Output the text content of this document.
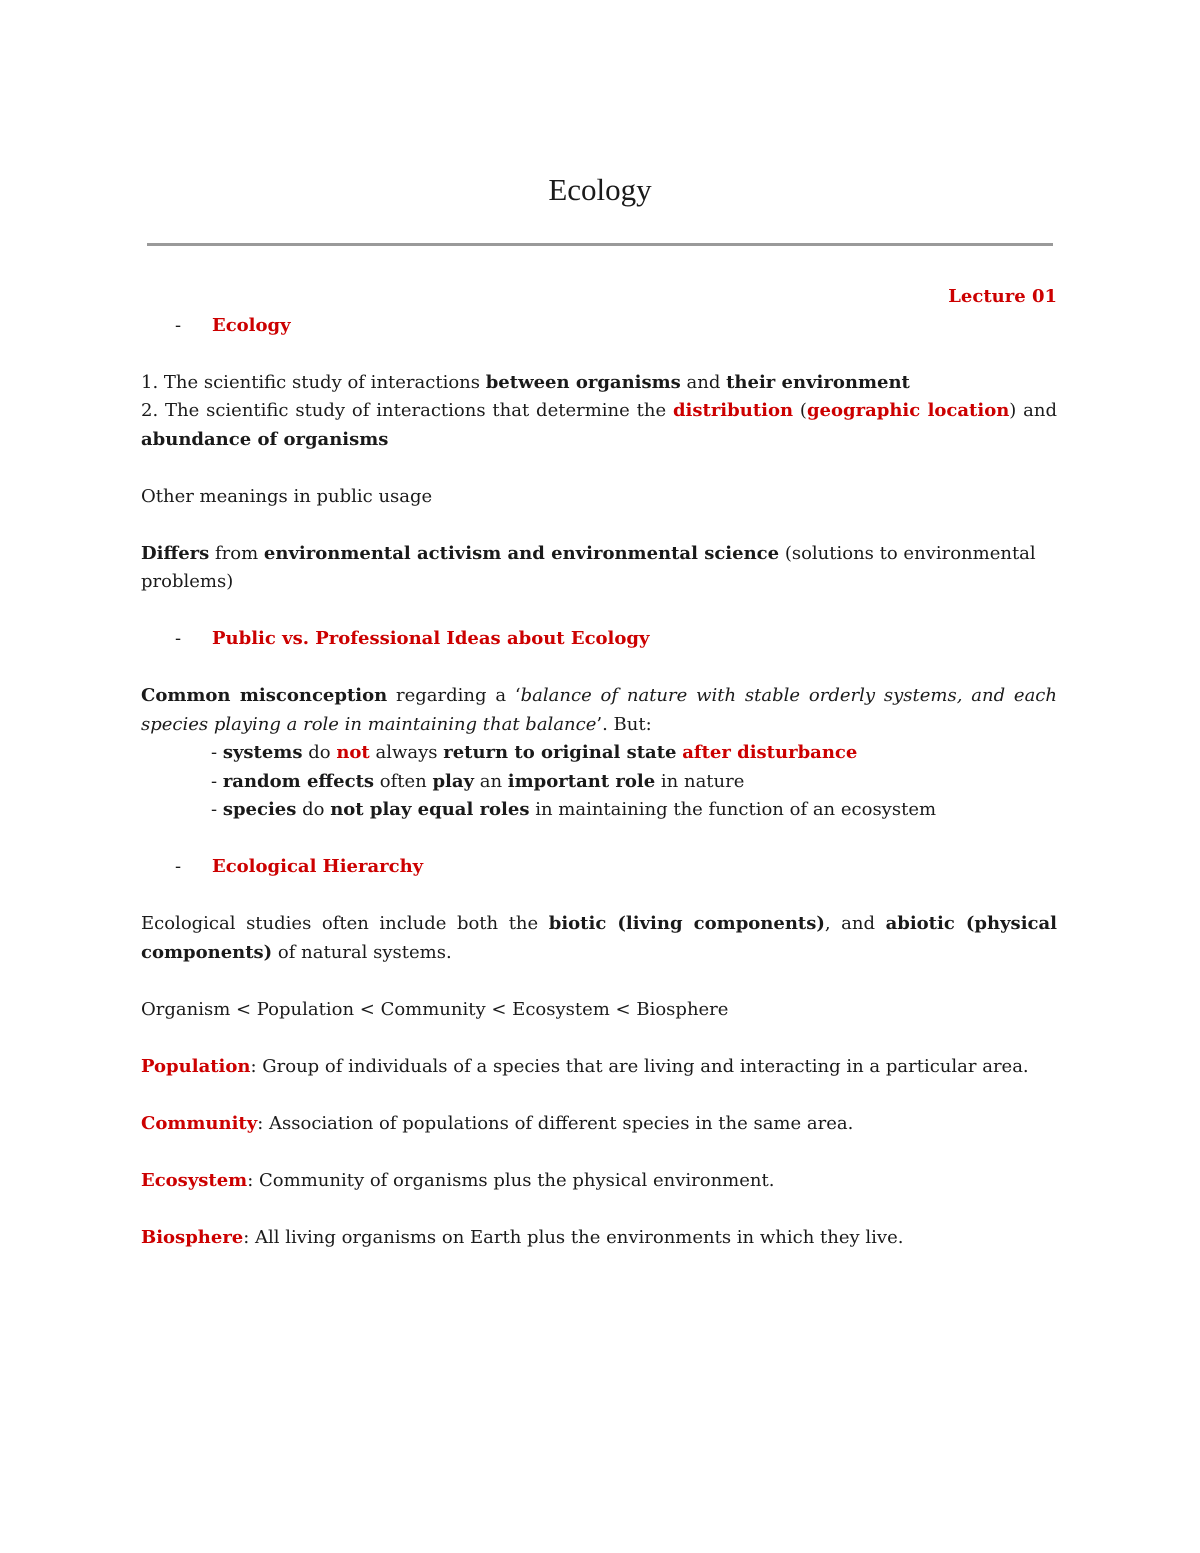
Ecology

Lecture 01

-	Ecology

1. The scientific study of interactions between organisms and their environment

2. The scientific study of interactions that determine the distribution (geographic location) and abundance of organisms

Other meanings in public usage

Differs from environmental activism and environmental science (solutions to environmental problems)

-	Public vs. Professional Ideas about Ecology

Common misconception regarding a ‘balance of nature with stable orderly systems, and each species playing a role in maintaining that balance’. But:

- systems do not always return to original state after disturbance

- random effects often play an important role in nature

- species do not play equal roles in maintaining the function of an ecosystem

-	Ecological Hierarchy

Ecological studies often include both the biotic (living components), and abiotic (physical components) of natural systems.

Organism < Population < Community < Ecosystem < Biosphere

Population: Group of individuals of a species that are living and interacting in a particular area.

Community: Association of populations of different species in the same area.

Ecosystem: Community of organisms plus the physical environment.

Biosphere: All living organisms on Earth plus the environments in which they live.
